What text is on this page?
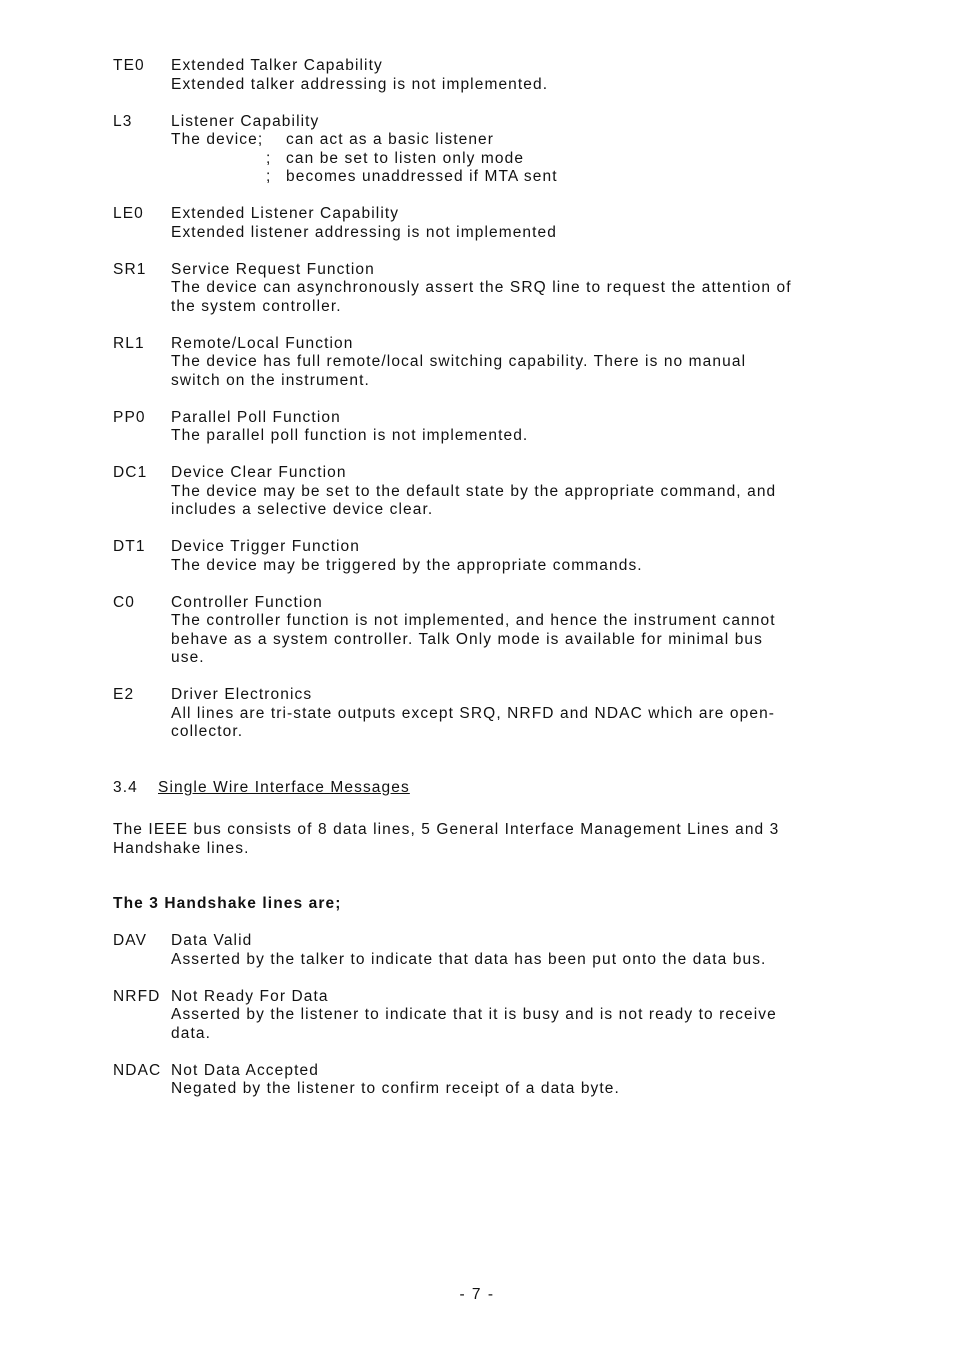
TE0	Extended Talker Capability
Extended talker addressing is not implemented.
L3	Listener Capability
The device;	can act as a basic listener
; can be set to listen only mode
; becomes unaddressed if MTA sent
LE0	Extended Listener Capability
Extended listener addressing is not implemented
SR1	Service Request Function
The device can asynchronously assert the SRQ line to request the attention of
the system controller.
RL1	Remote/Local Function
The device has full remote/local switching capability. There is no manual
switch on the instrument.
PP0	Parallel Poll Function
The parallel poll function is not implemented.
DC1	Device Clear Function
The device may be set to the default state by the appropriate command, and
includes a selective device clear.
DT1	Device Trigger Function
The device may be triggered by the appropriate commands.
C0	Controller Function
The controller function is not implemented, and hence the instrument cannot
behave as a system controller. Talk Only mode is available for minimal bus
use.
E2	Driver Electronics
All lines are tri-state outputs except SRQ, NRFD and NDAC which are open-
collector.
3.4	Single Wire Interface Messages
The IEEE bus consists of 8 data lines, 5 General Interface Management Lines and 3
Handshake lines.
The 3 Handshake lines are;
DAV	Data Valid
Asserted by the talker to indicate that data has been put onto the data bus.
NRFD Not Ready For Data
Asserted by the listener to indicate that it is busy and is not ready to receive
data.
NDAC Not Data Accepted
Negated by the listener to confirm receipt of a data byte.
- 7 -
